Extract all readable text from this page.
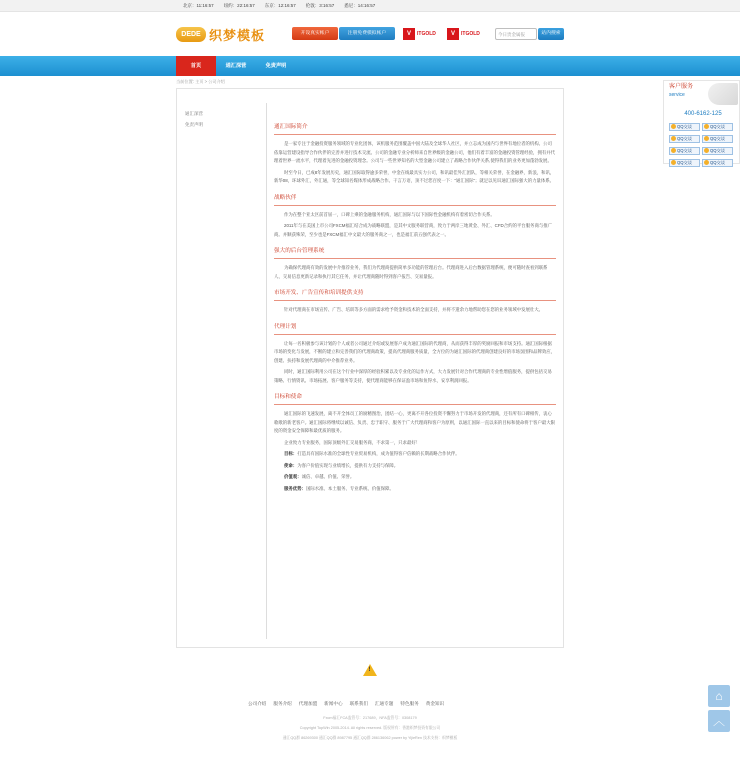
北京：11:16:57 纽约：22:16:57 东京：12:16:57 伦敦：3:16:57 悉尼：14:16:57
DEDE 织梦模板	开设真实帐户	注册免费模拟帐户	V	ITGOLD	V	ITGOLD	今日贵金属报	站内搜索
首页	通汇深营	免责声明
当前位置: 主页 > 公司介绍
通汇深营
免责声明	通汇国际简介

是一家专注于金融投资服务领域的专业化团体，该机服务范围覆盖中国大陆及全球华人社区，并立志成为国内与世界有地位者的机构。公司依靠运营建设指导合作伙伴的完善并进行技术交流。公司的金融专业分析师来自世界级的金融公司，他们有着丰富的金融投资管理经验，拥有并代理着世界一流水平，代理着先进的金融投资理念。公司与一些世界知名的大型金融公司建立了战略合作伙伴关系,使得我们的业务更加蓬勃发展。

时至今日，已成8年发展历史，通汇国际取得逾多荣誉，中金在线最具实力公司，和讯最佳外汇团队，等相关荣誉，在金融界，新浪，和讯，新华08，环球外汇，外汇通，等全球知名媒体形成战略合作。干言万语，顶不过您百度一下：“通汇国际”；就足以见识通汇国际强大的力量体系。

战略伙伴

作为在整个亚太区前首屈一，口碑上乘的金融服务机构，通汇国际与以下国际性金融机构有着密切合作关系。

2011年与在美国上市公司FXCM福汇结合成为战略联盟，是其中文服务联营商，致力于两岸三地黄金、外汇、CFD合约的平台服务商与推广商。并顺获殊荣，至少也是FXCM福汇中文最大的服务商之一，也是福汇前五强代表之一。

强大的后台管理系统

为确保代理商有效的发展中介推荐业务，我们为代理商提供简单多功能的管理后台。代理商进入后台数据管理系统，便可随时查看到联系人、交易信息更新记录和执行其它任务，并让代理商随时得到客户报告、交易量报。

市场开发、广告宣传和培训提供支持

针对代理商在市场宣传、广告、培训等多方面的需求给予资金和技术的全面支持，并将不遗余力地帮助您在您的业务领域中发展壮大。

代理计划

让每一名积极参与该计划的个人或者公司通过介绍或发展客户成为通汇国际的代理商，从而获得丰厚的奖励回报和市场支持。通汇国际根据市场的变化与发展，不断的建立和完善我们的代理商政策，提高代理商服务质量，全方位的为通汇国际的代理商创建良好的市场氛围和品牌效应，创建、扶持和发展代理商的中介推荐业务。

同时，通汇国际利用公司在这个行业中深厚的经验积累以及专业化的运作方式，大力发展针对合作代理商的专业性增值服务，提供包括交易策略、行情资讯、市场拓展、客户服务等支持，使代理商能够在保证盈市场和鱼得水，安享利润回报。

目标和使命

通汇国际的飞速发展，离不开全体员工的励精图治，团结一心，更离不开各位投资不懈努力于市场开发的代理商，还有所有口碑相传，衷心歌歌的新老客户。通汇国际将继续以诚信、负责、忠于职守、服务于广大代理商和客户为原则，以通汇国际一直以来的目标和使命将于客户最大限度的资金安全保障和最优质的服务。

企业致力专业服务，国际顶级外汇交易服务商，不求第一，只求最好！

目标：打造具有国际水准的全球性专业贸易机构，成为值得客户信赖的长期战略合作伙伴。

使命：为客户价值实现与业绩增长，提供有力支持与保障。

价值观：诚信、卓越、价值、荣誉。

服务优势：国际水准、本土服务、专业系统、价值保障。

客户服务
service
400-6162-125
QQ交谈	QQ交谈
QQ交谈	QQ交谈
QQ交谈	QQ交谈
QQ交谈	QQ交谈
!
公司介绍 服务介绍 代理加盟 新闻中心 联系我们 汇通专题 特色服务 黄金知识
Fxcm福汇FCA监管号：217689，NFA监管号：0308179
Copyright TopWin 2005-2014. All rights reserved. 版权所有：香港织梦投资有限公司
通汇QQ群 86269300 通汇QQ群 8987795 通汇QQ群 286136062 power by YijieRen 技术支持：织梦模板
⌂
︿
